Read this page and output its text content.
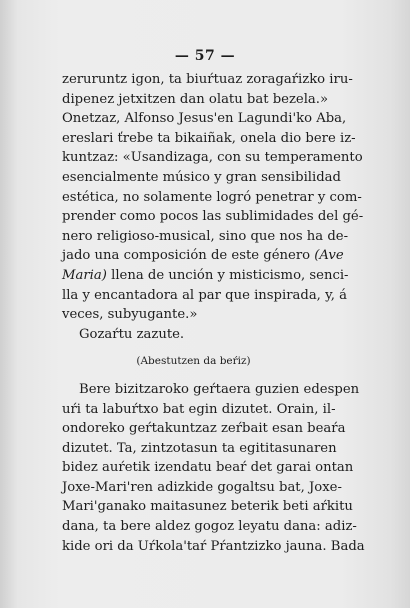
— 57 —
zeruruntz igon, ta biuŕtuaz zoragaŕizko iru-
dipenez jetxitzen dan olatu bat bezela.»
Onetzaz, Alfonso Jesus'en Lagundi'ko Aba,
ereslari ťrebe ta bikaiñak, onela dio bere iz-
kuntzaz: «Usandizaga, con su temperamento
esencialmente músico y gran sensibilidad
estética, no solamente logró penetrar y com-
prender como pocos las sublimidades del gé-
nero religioso-musical, sino que nos ha de-
jado una composición de este género (Ave
Maria) llena de unción y misticismo, senci-
lla y encantadora al par que inspirada, y, á
veces, subyugante.»
Gozaŕtu zazute.
(Abestutzen da beŕiz)
Bere bizitzaroko geŕtaera guzien edespen
uŕi ta labuŕtxo bat egin dizutet. Orain, il-
ondoreko geŕtakuntzaz zeŕbait esan beaŕa
dizutet. Ta, zintzotasun ta egititasunaren
bidez auŕetik izendatu beaŕ det garai ontan
Joxe-Mari'ren adizkide gogaltsu bat, Joxe-
Mari'ganako maitasunez beterik beti aŕkitu
dana, ta bere aldez gogoz leyatu dana: adiz-
kide ori da Uŕkola'taŕ Pŕantzizko jauna. Bada
